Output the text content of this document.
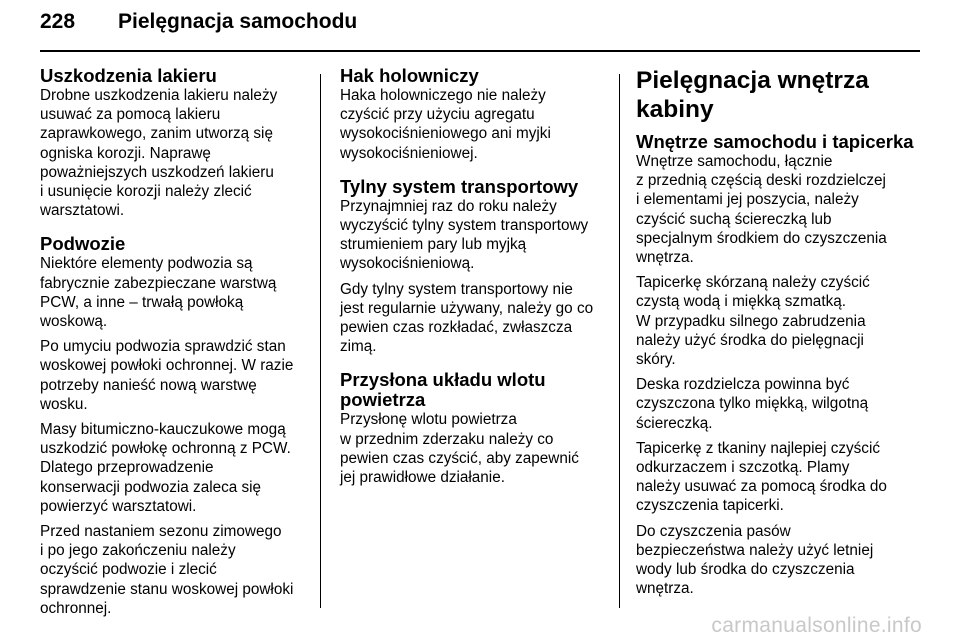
228	Pielęgnacja samochodu
Uszkodzenia lakieru

Drobne uszkodzenia lakieru należy
usuwać za pomocą lakieru
zaprawkowego, zanim utworzą się
ogniska korozji. Naprawę
poważniejszych uszkodzeń lakieru
i usunięcie korozji należy zlecić
warsztatowi.

Podwozie

Niektóre elementy podwozia są
fabrycznie zabezpieczane warstwą
PCW, a inne – trwałą powłoką
woskową.

Po umyciu podwozia sprawdzić stan
woskowej powłoki ochronnej. W razie
potrzeby nanieść nową warstwę
wosku.

Masy bitumiczno-kauczukowe mogą
uszkodzić powłokę ochronną z PCW.
Dlatego przeprowadzenie
konserwacji podwozia zaleca się
powierzyć warsztatowi.

Przed nastaniem sezonu zimowego
i po jego zakończeniu należy
oczyścić podwozie i zlecić
sprawdzenie stanu woskowej powłoki
ochronnej.

Hak holowniczy

Haka holowniczego nie należy
czyścić przy użyciu agregatu
wysokociśnieniowego ani myjki
wysokociśnieniowej.

Tylny system transportowy

Przynajmniej raz do roku należy
wyczyścić tylny system transportowy
strumieniem pary lub myjką
wysokociśnieniową.

Gdy tylny system transportowy nie
jest regularnie używany, należy go co
pewien czas rozkładać, zwłaszcza
zimą.

Przysłona układu wlotu
powietrza

Przysłonę wlotu powietrza
w przednim zderzaku należy co
pewien czas czyścić, aby zapewnić
jej prawidłowe działanie.

Pielęgnacja wnętrza
kabiny
Wnętrze samochodu i tapicerka

Wnętrze samochodu, łącznie
z przednią częścią deski rozdzielczej
i elementami jej poszycia, należy
czyścić suchą ściereczką lub
specjalnym środkiem do czyszczenia
wnętrza.

Tapicerkę skórzaną należy czyścić
czystą wodą i miękką szmatką.
W przypadku silnego zabrudzenia
należy użyć środka do pielęgnacji
skóry.

Deska rozdzielcza powinna być
czyszczona tylko miękką, wilgotną
ściereczką.

Tapicerkę z tkaniny najlepiej czyścić
odkurzaczem i szczotką. Plamy
należy usuwać za pomocą środka do
czyszczenia tapicerki.

Do czyszczenia pasów
bezpieczeństwa należy użyć letniej
wody lub środka do czyszczenia
wnętrza.

carmanualsonline.info
